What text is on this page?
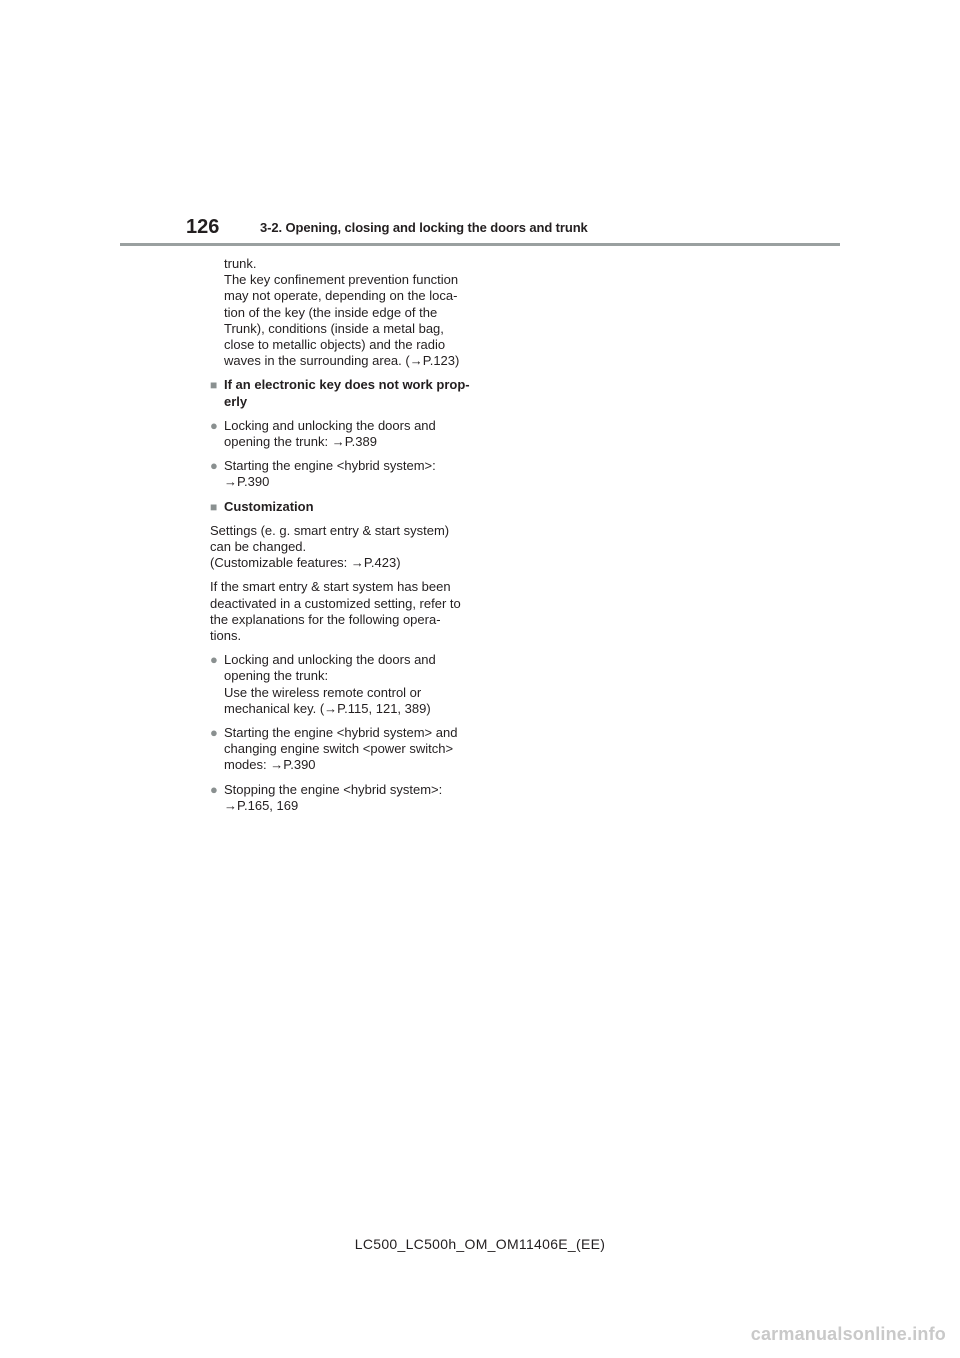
126	3-2. Opening, closing and locking the doors and trunk

trunk.
The key confinement prevention function may not operate, depending on the loca-
tion of the key (the inside edge of the Trunk), conditions (inside a metal bag, close to metallic objects) and the radio waves in the surrounding area. (→P.123)

■ If an electronic key does not work prop-
erly
● Locking and unlocking the doors and opening the trunk: →P.389
● Starting the engine <hybrid system>:
→P.390
■ Customization

Settings (e. g. smart entry & start system) can be changed.
(Customizable features: →P.423)

If the smart entry & start system has been deactivated in a customized setting, refer to the explanations for the following opera-
tions.

● Locking and unlocking the doors and opening the trunk:
Use the wireless remote control or mechanical key. (→P.115, 121, 389)
● Starting the engine <hybrid system> and changing engine switch <power switch> modes: →P.390
● Stopping the engine <hybrid system>:
→P.165, 169
LC500_LC500h_OM_OM11406E_(EE)
carmanualsonline.info
